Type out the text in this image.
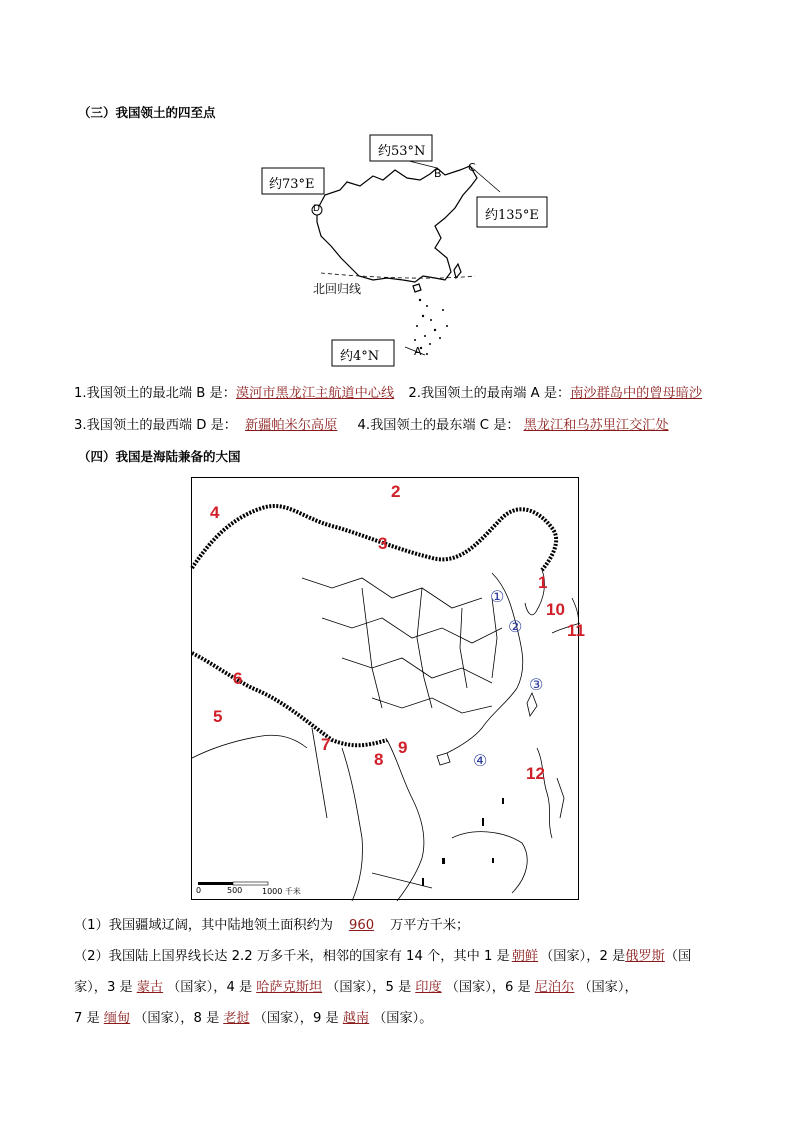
（三）我国领土的四至点
约53°N
约73°E
约135°E
约4°N
B C
D
A
北回归线
1.我国领土的最北端 B 是：漠河市黑龙江主航道中心线 2.我国领土的最南端 A 是：南沙群岛中的曾母暗沙
3.我国领土的最西端 D 是： 新疆帕米尔高原 4.我国领土的最东端 C 是： 黑龙江和乌苏里江交汇处
（四）我国是海陆兼备的大国
4
2
3
1
10
11
6
5
7
8
9
12
①
②
③
④
0	500 1000 千米
（1）我国疆域辽阔，其中陆地领土面积约为 960 万平方千米；
（2）我国陆上国界线长达 2.2 万多千米，相邻的国家有 14 个，其中 1 是 朝鲜 （国家），2 是俄罗斯（国
家），3 是 蒙古 （国家），4 是 哈萨克斯坦 （国家），5 是 印度 （国家），6 是 尼泊尔 （国家），
7 是 缅甸 （国家），8 是 老挝 （国家），9 是 越南 （国家）。
